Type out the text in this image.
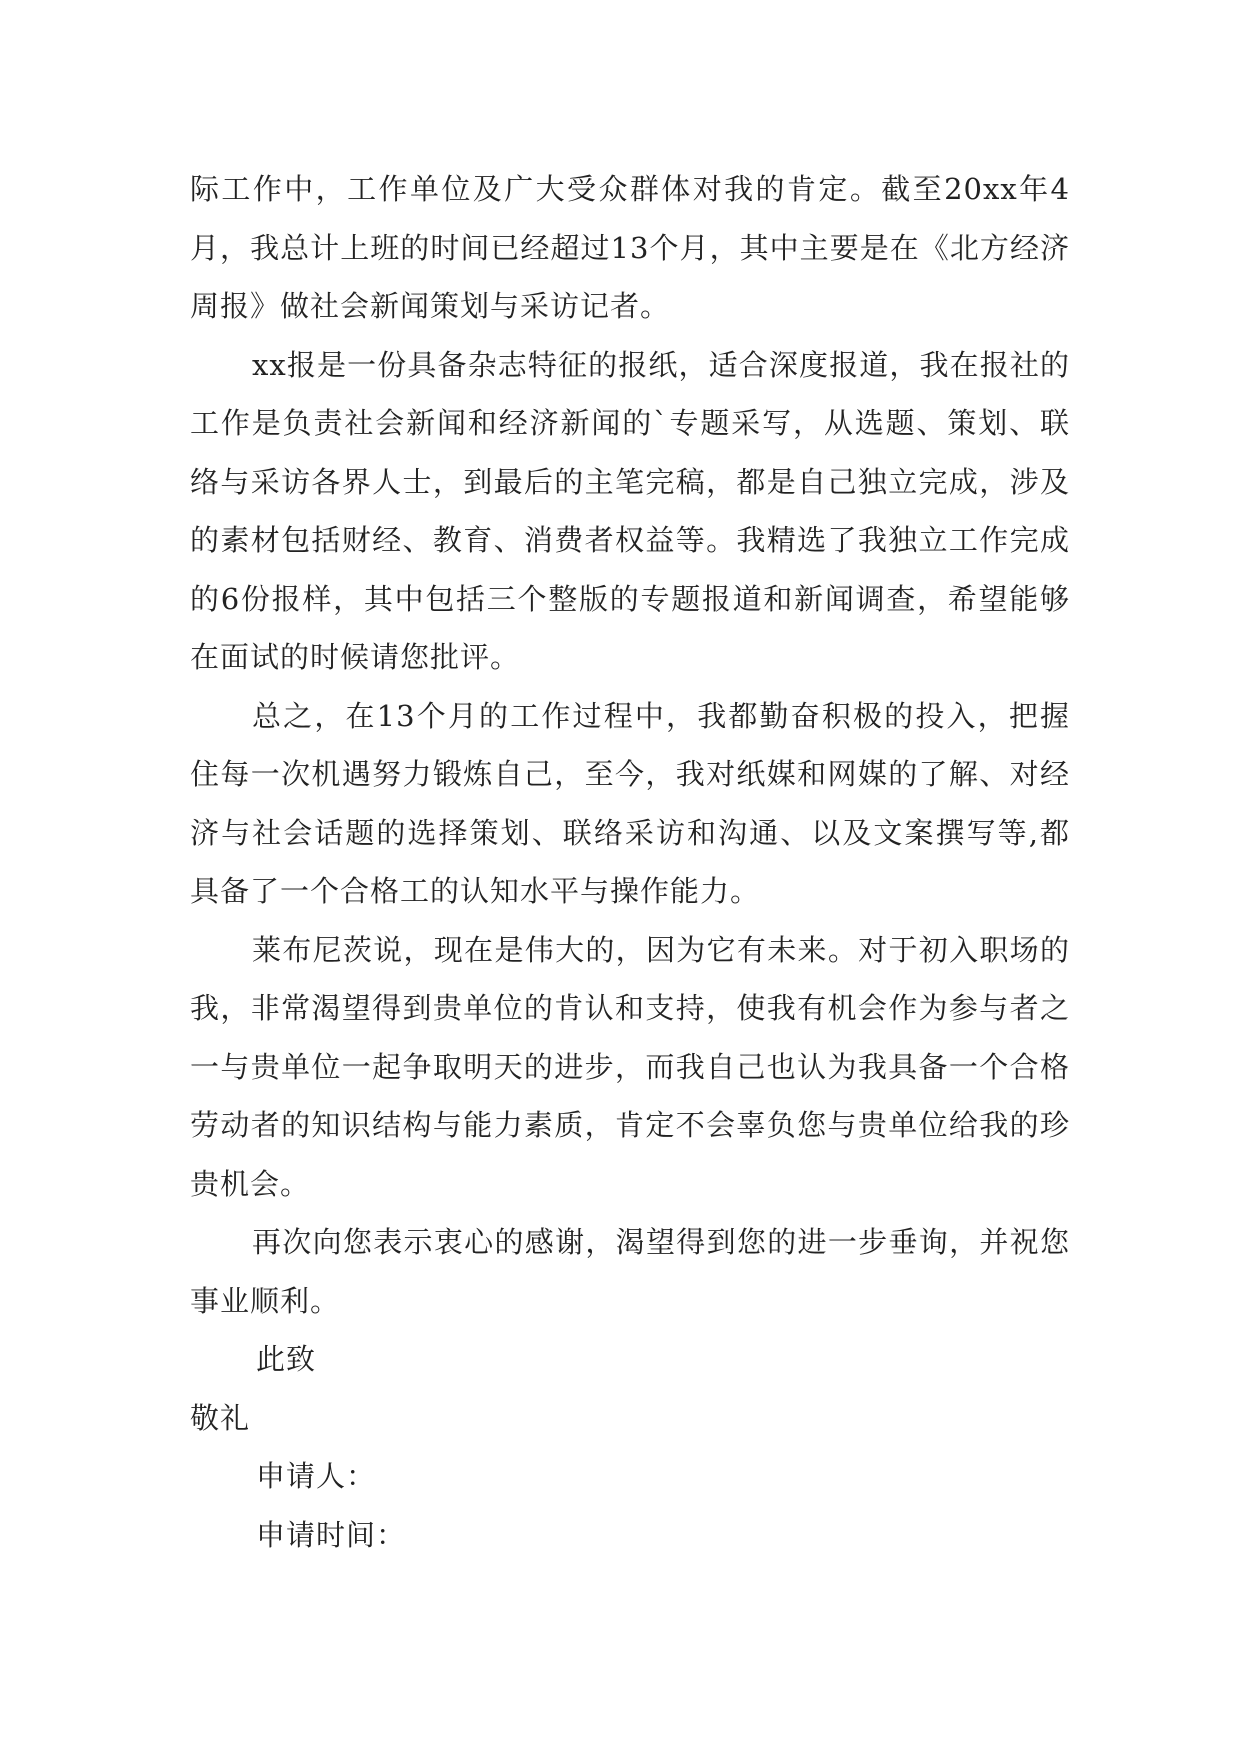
际工作中，工作单位及广大受众群体对我的肯定。截至20xx年4月，我总计上班的时间已经超过13个月，其中主要是在《北方经济周报》做社会新闻策划与采访记者。

xx报是一份具备杂志特征的报纸，适合深度报道，我在报社的工作是负责社会新闻和经济新闻的`专题采写，从选题、策划、联络与采访各界人士，到最后的主笔完稿，都是自己独立完成，涉及的素材包括财经、教育、消费者权益等。我精选了我独立工作完成的6份报样，其中包括三个整版的专题报道和新闻调查，希望能够在面试的时候请您批评。

总之，在13个月的工作过程中，我都勤奋积极的投入，把握住每一次机遇努力锻炼自己，至今，我对纸媒和网媒的了解、对经济与社会话题的选择策划、联络采访和沟通、以及文案撰写等,都具备了一个合格工的认知水平与操作能力。

莱布尼茨说，现在是伟大的，因为它有未来。对于初入职场的我，非常渴望得到贵单位的肯认和支持，使我有机会作为参与者之一与贵单位一起争取明天的进步，而我自己也认为我具备一个合格劳动者的知识结构与能力素质，肯定不会辜负您与贵单位给我的珍贵机会。

再次向您表示衷心的感谢，渴望得到您的进一步垂询，并祝您事业顺利。

此致
敬礼
申请人：
申请时间：
